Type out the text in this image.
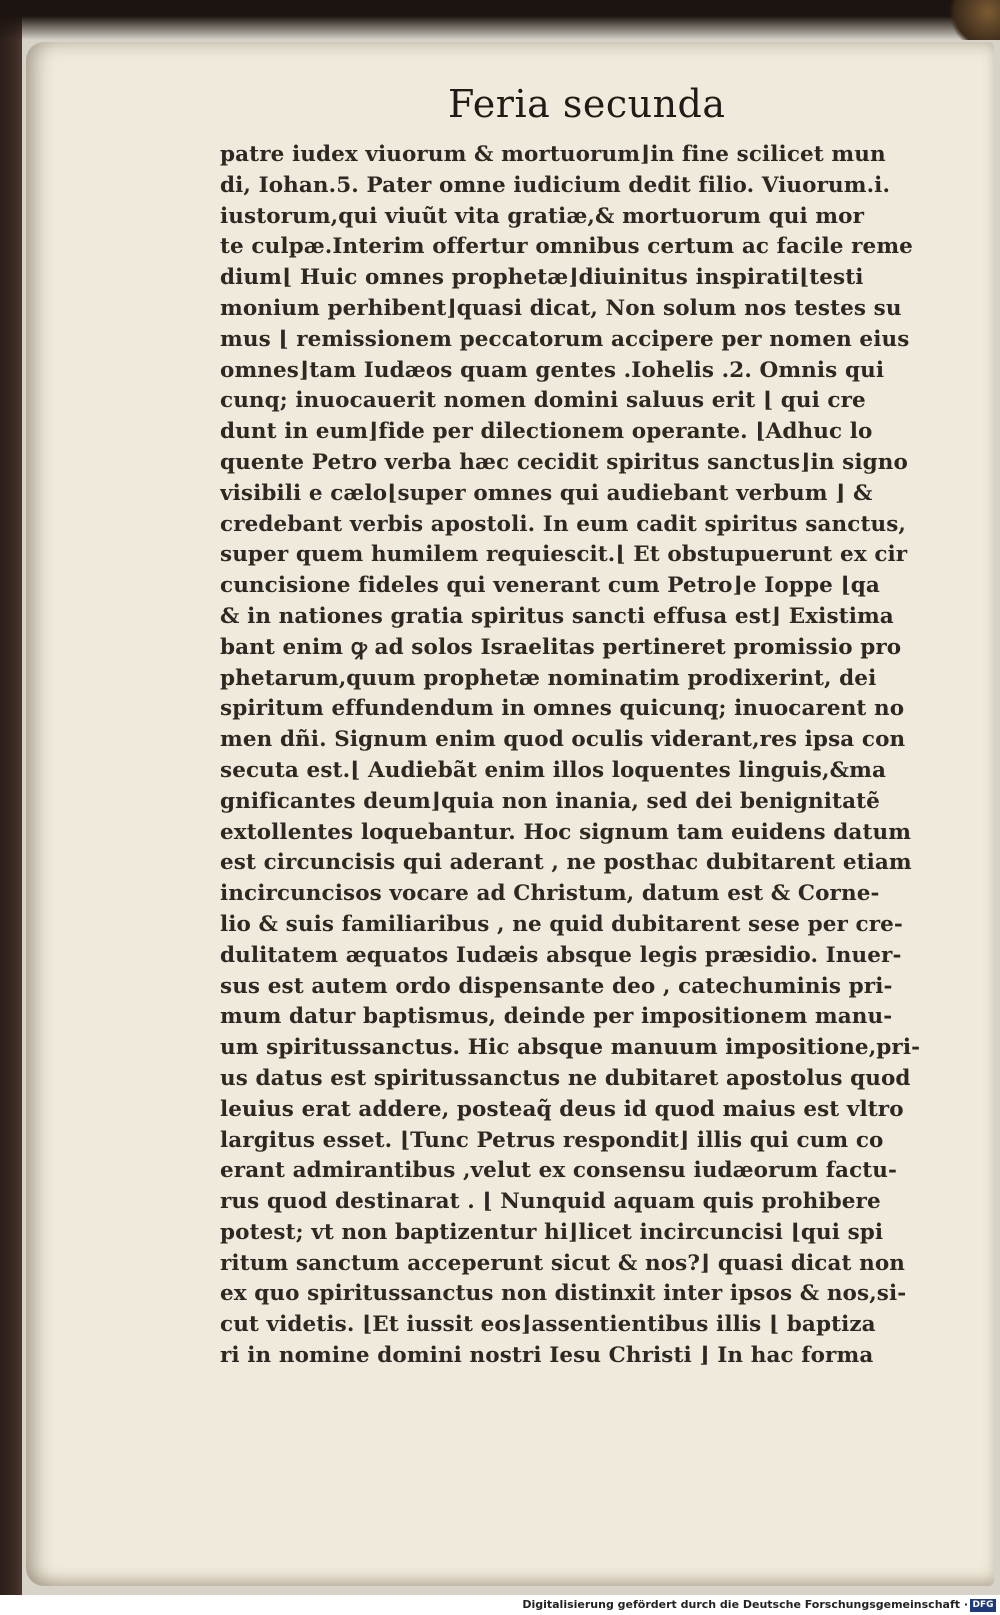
Feria secunda
patre iudex viuorum & mortuorum⌋in fine scilicet mun
di, Iohan.5. Pater omne iudicium dedit filio. Viuorum.i.
iustorum,qui viuũt vita gratiæ,& mortuorum qui mor
te culpæ.Interim offertur omnibus certum ac facile reme
dium⌊ Huic omnes prophetæ⌋diuinitus inspirati⌊testi
monium perhibent⌋quasi dicat, Non solum nos testes su
mus ⌊ remissionem peccatorum accipere per nomen eius
omnes⌋tam Iudæos quam gentes .Iohelis .2. Omnis qui
cunq; inuocauerit nomen domini saluus erit ⌊ qui cre
dunt in eum⌋fide per dilectionem operante. ⌊Adhuc lo
quente Petro verba hæc cecidit spiritus sanctus⌋in signo
visibili e cælo⌊super omnes qui audiebant verbum ⌋ &
credebant verbis apostoli. In eum cadit spiritus sanctus,
super quem humilem requiescit.⌊ Et obstupuerunt ex cir
cuncisione fideles qui venerant cum Petro⌋e Ioppe ⌊qa
& in nationes gratia spiritus sancti effusa est⌋ Existima
bant enim ꝙ ad solos Israelitas pertineret promissio pro
phetarum,quum prophetæ nominatim prodixerint, dei
spiritum effundendum in omnes quicunq; inuocarent no
men dñi. Signum enim quod oculis viderant,res ipsa con
secuta est.⌊ Audiebãt enim illos loquentes linguis,&ma
gnificantes deum⌋quia non inania, sed dei benignitatẽ
extollentes loquebantur. Hoc signum tam euidens datum
est circuncisis qui aderant , ne posthac dubitarent etiam
incircuncisos vocare ad Christum, datum est & Corne-
lio & suis familiaribus , ne quid dubitarent sese per cre-
dulitatem æquatos Iudæis absque legis præsidio. Inuer-
sus est autem ordo dispensante deo , catechuminis pri-
mum datur baptismus, deinde per impositionem manu-
um spiritussanctus. Hic absque manuum impositione,pri-
us datus est spiritussanctus ne dubitaret apostolus quod
leuius erat addere, posteaq̃ deus id quod maius est vltro
largitus esset. ⌊Tunc Petrus respondit⌋ illis qui cum co
erant admirantibus ,velut ex consensu iudæorum factu-
rus quod destinarat . ⌊ Nunquid aquam quis prohibere
potest; vt non baptizentur hi⌋licet incircuncisi ⌊qui spi
ritum sanctum acceperunt sicut & nos?⌋ quasi dicat non
ex quo spiritussanctus non distinxit inter ipsos & nos,si-
cut videtis. ⌊Et iussit eos⌋assentientibus illis ⌊ baptiza
ri in nomine domini nostri Iesu Christi ⌋ In hac forma
Digitalisierung gefördert durch die Deutsche Forschungsgemeinschaft · DFG
